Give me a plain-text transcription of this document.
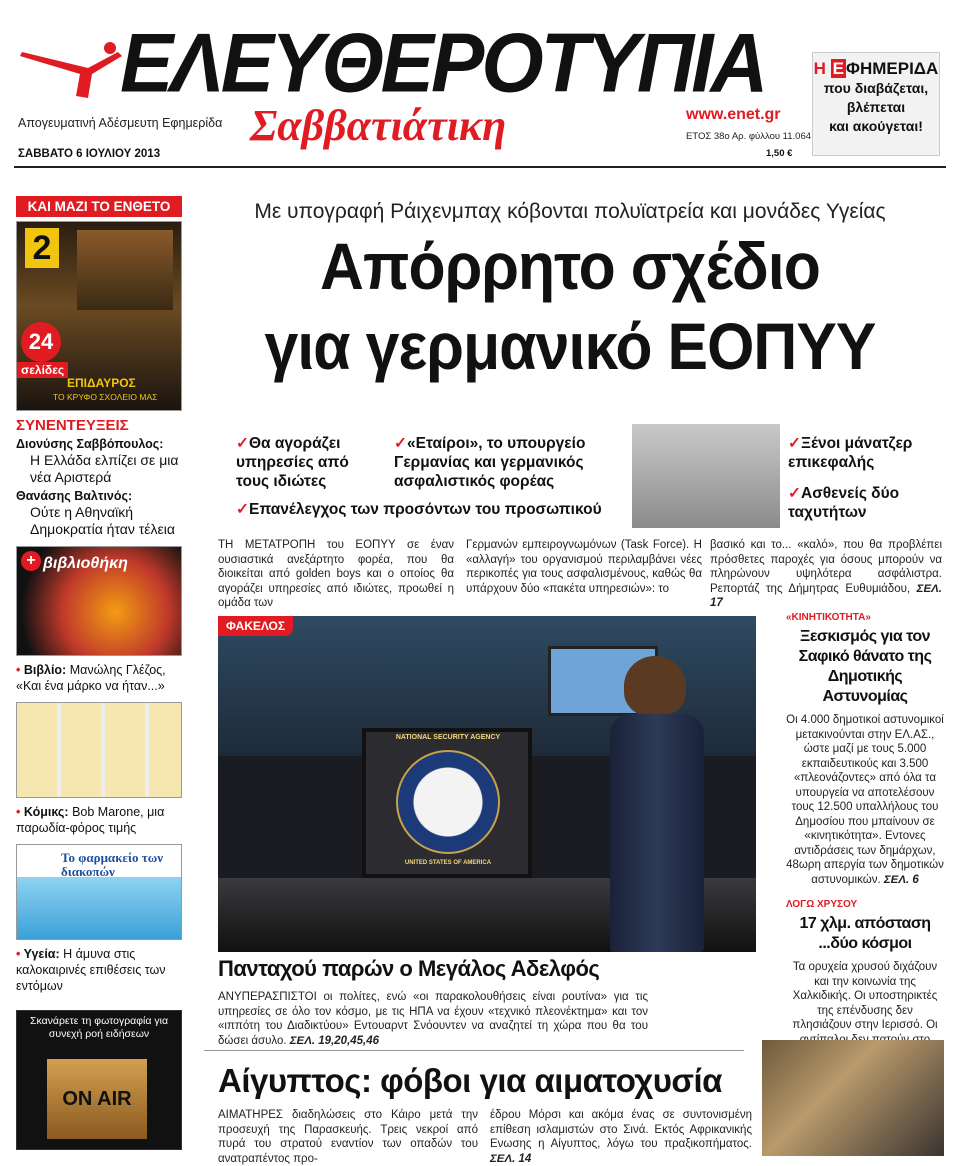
ΕΛΕΥΘΕΡΟΤΥΠΙΑ
Απογευματινή Αδέσμευτη Εφημερίδα Σαββατιάτικη	www.enet.gr
ΕΤΟΣ 38ο Αρ. φύλλου 11.064
1,50 €
ΣΑΒΒΑΤΟ 6 ΙΟΥΛΙΟΥ 2013
Η Ε ΦΗΜΕΡΙΔΑ
που διαβάζεται,
βλέπεται
και ακούγεται!
ΚΑΙ ΜΑΖΙ ΤΟ ΕΝΘΕΤΟ
2
24
σελίδες
ΕΠΙΔΑΥΡΟΣ
ΤΟ ΚΡΥΦΟ ΣΧΟΛΕΙΟ ΜΑΣ
ΣΥΝΕΝΤΕΥΞΕΙΣ
Διονύσης Σαββόπουλος:
Η Ελλάδα ελπίζει σε μια νέα Αριστερά
Θανάσης Βαλτινός:
Ούτε η Αθηναϊκή Δημοκρατία ήταν τέλεια
+ βιβλιοθήκη
• Βιβλίο: Μανώλης Γλέζος, «Και ένα μάρκο να ήταν...»
• Κόμικς: Bob Marone, μια παρωδία-φόρος τιμής
Το φαρμακείο των διακοπών
• Υγεία: Η άμυνα στις καλοκαιρινές επιθέσεις των εντόμων
Σκανάρετε τη φωτογραφία για συνεχή ροή ειδήσεων
ON AIR
Με υπογραφή Ράιχενμπαχ κόβονται πολυϊατρεία και μονάδες Υγείας
Απόρρητο σχέδιο
για γερμανικό ΕΟΠΥΥ
✓Θα αγοράζει υπηρεσίες από τους ιδιώτες
✓«Εταίροι», το υπουργείο Γερμανίας και γερμανικός ασφαλιστικός φορέας
✓Επανέλεγχος των προσόντων του προσωπικού
✓Ξένοι μάνατζερ επικεφαλής
✓Ασθενείς δύο ταχυτήτων
ΤΗ ΜΕΤΑΤΡΟΠΗ του ΕΟΠΥΥ σε έναν ουσιαστικά ανεξάρτητο φορέα, που θα διοικείται από golden boys και ο οποίος θα αγοράζει υπηρεσίες από ιδιώτες, προωθεί η ομάδα των
Γερμανών εμπειρογνωμόνων (Task Force). Η «αλλαγή» του οργανισμού περιλαμβάνει νέες περικοπές για τους ασφαλισμένους, καθώς θα υπάρχουν δύο «πακέτα υπηρεσιών»: το
βασικό και το... «καλό», που θα προβλέπει πρόσθετες παροχές για όσους μπορούν να πληρώνουν υψηλότερα ασφάλιστρα. Ρεπορτάζ της Δήμητρας Ευθυμιάδου, ΣΕΛ. 17
NATIONAL SECURITY AGENCY
UNITED STATES OF AMERICA
ΦΑΚΕΛΟΣ
Πανταχού παρών ο Μεγάλος Αδελφός
ΑΝΥΠΕΡΑΣΠΙΣΤΟΙ οι πολίτες, ενώ «οι παρακολουθήσεις είναι ρουτίνα» για τις υπηρεσίες σε όλο τον κόσμο, με τις ΗΠΑ να έχουν «τεχνικό πλεονέκτημα» και τον «ιππότη του Διαδικτύου» Εντουαρντ Σνόουντεν να αναζητεί τη χώρα που θα του δώσει άσυλο. ΣΕΛ. 19,20,45,46
«ΚΙΝΗΤΙΚΟΤΗΤΑ»
Ξεσκισμός για τον Σαφικό θάνατο της Δημοτικής Αστυνομίας
Οι 4.000 δημοτικοί αστυνομικοί μετακινούνται στην ΕΛ.ΑΣ., ώστε μαζί με τους 5.000 εκπαιδευτικούς και 3.500 «πλεονάζοντες» από όλα τα υπουργεία να αποτελέσουν τους 12.500 υπαλλήλους του Δημοσίου που μπαίνουν σε «κινητικότητα». Εντονες αντιδράσεις των δημάρχων, 48ωρη απεργία των δημοτικών αστυνομικών. ΣΕΛ. 6
ΛΟΓΩ ΧΡΥΣΟΥ
17 χλμ. απόσταση ...δύο κόσμοι
Τα ορυχεία χρυσού διχάζουν και την κοινωνία της Χαλκιδικής. Οι υποστηρικτές της επένδυσης δεν πλησιάζουν στην Ιερισσό. Οι
Αίγυπτος: φόβοι για αιματοχυσία
ΑΙΜΑΤΗΡΕΣ διαδηλώσεις στο Κάιρο μετά την προσευχή της Παρασκευής. Τρεις νεκροί από πυρά του στρατού εναντίον των οπαδών του ανατραπέντος προ-
έδρου Μόρσι και ακόμα ένας σε συντονισμένη επίθεση ισλαμιστών στο Σινά. Εκτός Αφρικανικής Ενωσης η Αίγυπτος, λόγω του πραξικοπήματος. ΣΕΛ. 14
